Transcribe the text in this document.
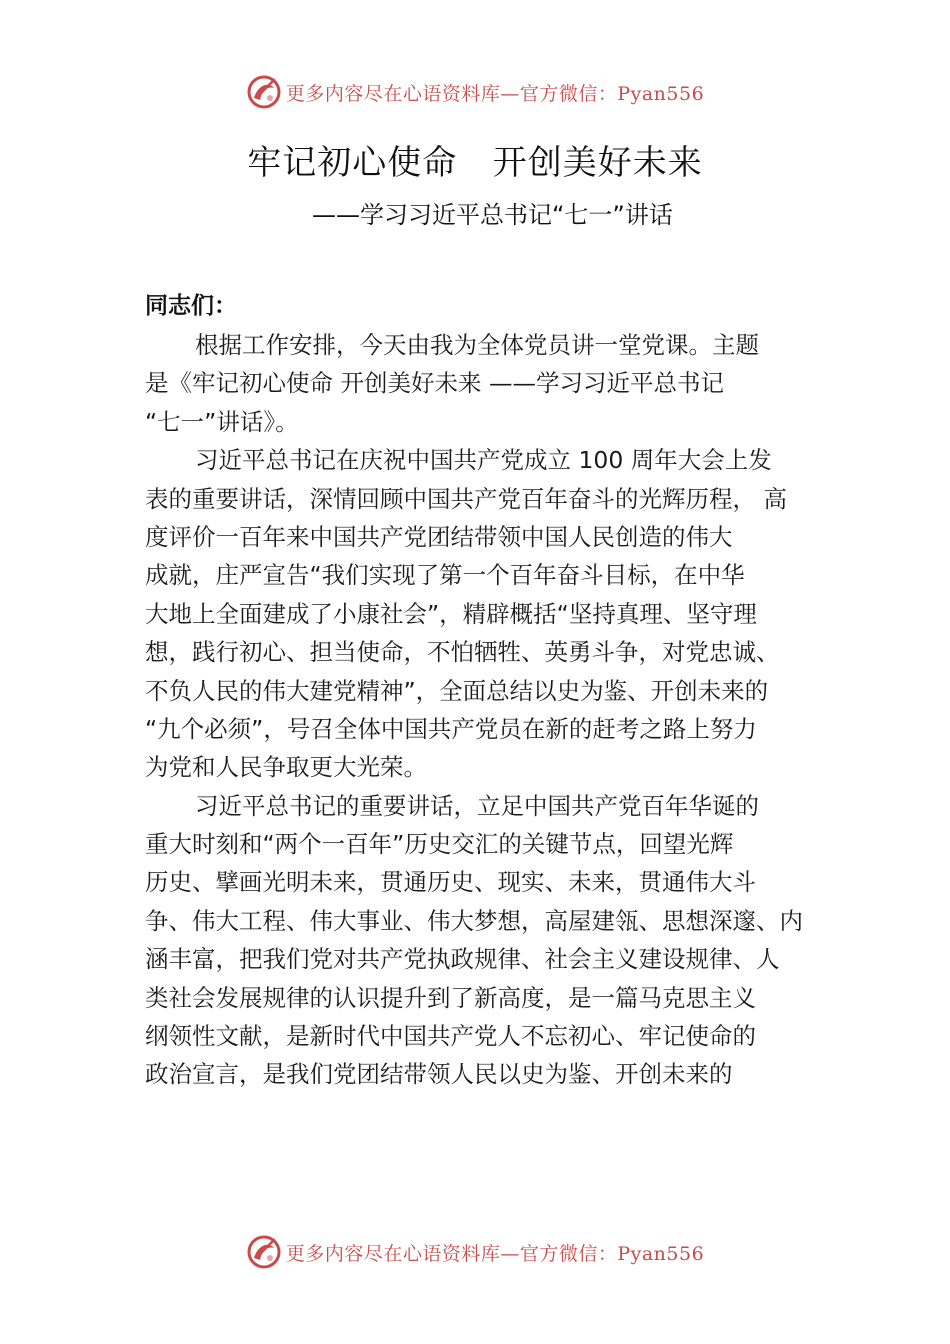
更多内容尽在心语资料库—官方微信：Pyan556
牢记初心使命   开创美好未来
——学习习近平总书记“七一”讲话
同志们：
根据工作安排，今天由我为全体党员讲一堂党课。主题
是《牢记初心使命 开创美好未来 ——学习习近平总书记
“七一”讲话》。
习近平总书记在庆祝中国共产党成立 100 周年大会上发
表的重要讲话，深情回顾中国共产党百年奋斗的光辉历程， 高
度评价一百年来中国共产党团结带领中国人民创造的伟大
成就，庄严宣告“我们实现了第一个百年奋斗目标，在中华
大地上全面建成了小康社会”，精辟概括“坚持真理、坚守理
想，践行初心、担当使命，不怕牺牲、英勇斗争，对党忠诚、
不负人民的伟大建党精神”，全面总结以史为鉴、开创未来的
“九个必须”，号召全体中国共产党员在新的赶考之路上努力
为党和人民争取更大光荣。
习近平总书记的重要讲话，立足中国共产党百年华诞的
重大时刻和“两个一百年”历史交汇的关键节点，回望光辉
历史、擘画光明未来，贯通历史、现实、未来，贯通伟大斗
争、伟大工程、伟大事业、伟大梦想，高屋建瓴、思想深邃、内
涵丰富，把我们党对共产党执政规律、社会主义建设规律、人
类社会发展规律的认识提升到了新高度，是一篇马克思主义
纲领性文献，是新时代中国共产党人不忘初心、牢记使命的
政治宣言，是我们党团结带领人民以史为鉴、开创未来的
更多内容尽在心语资料库—官方微信：Pyan556
